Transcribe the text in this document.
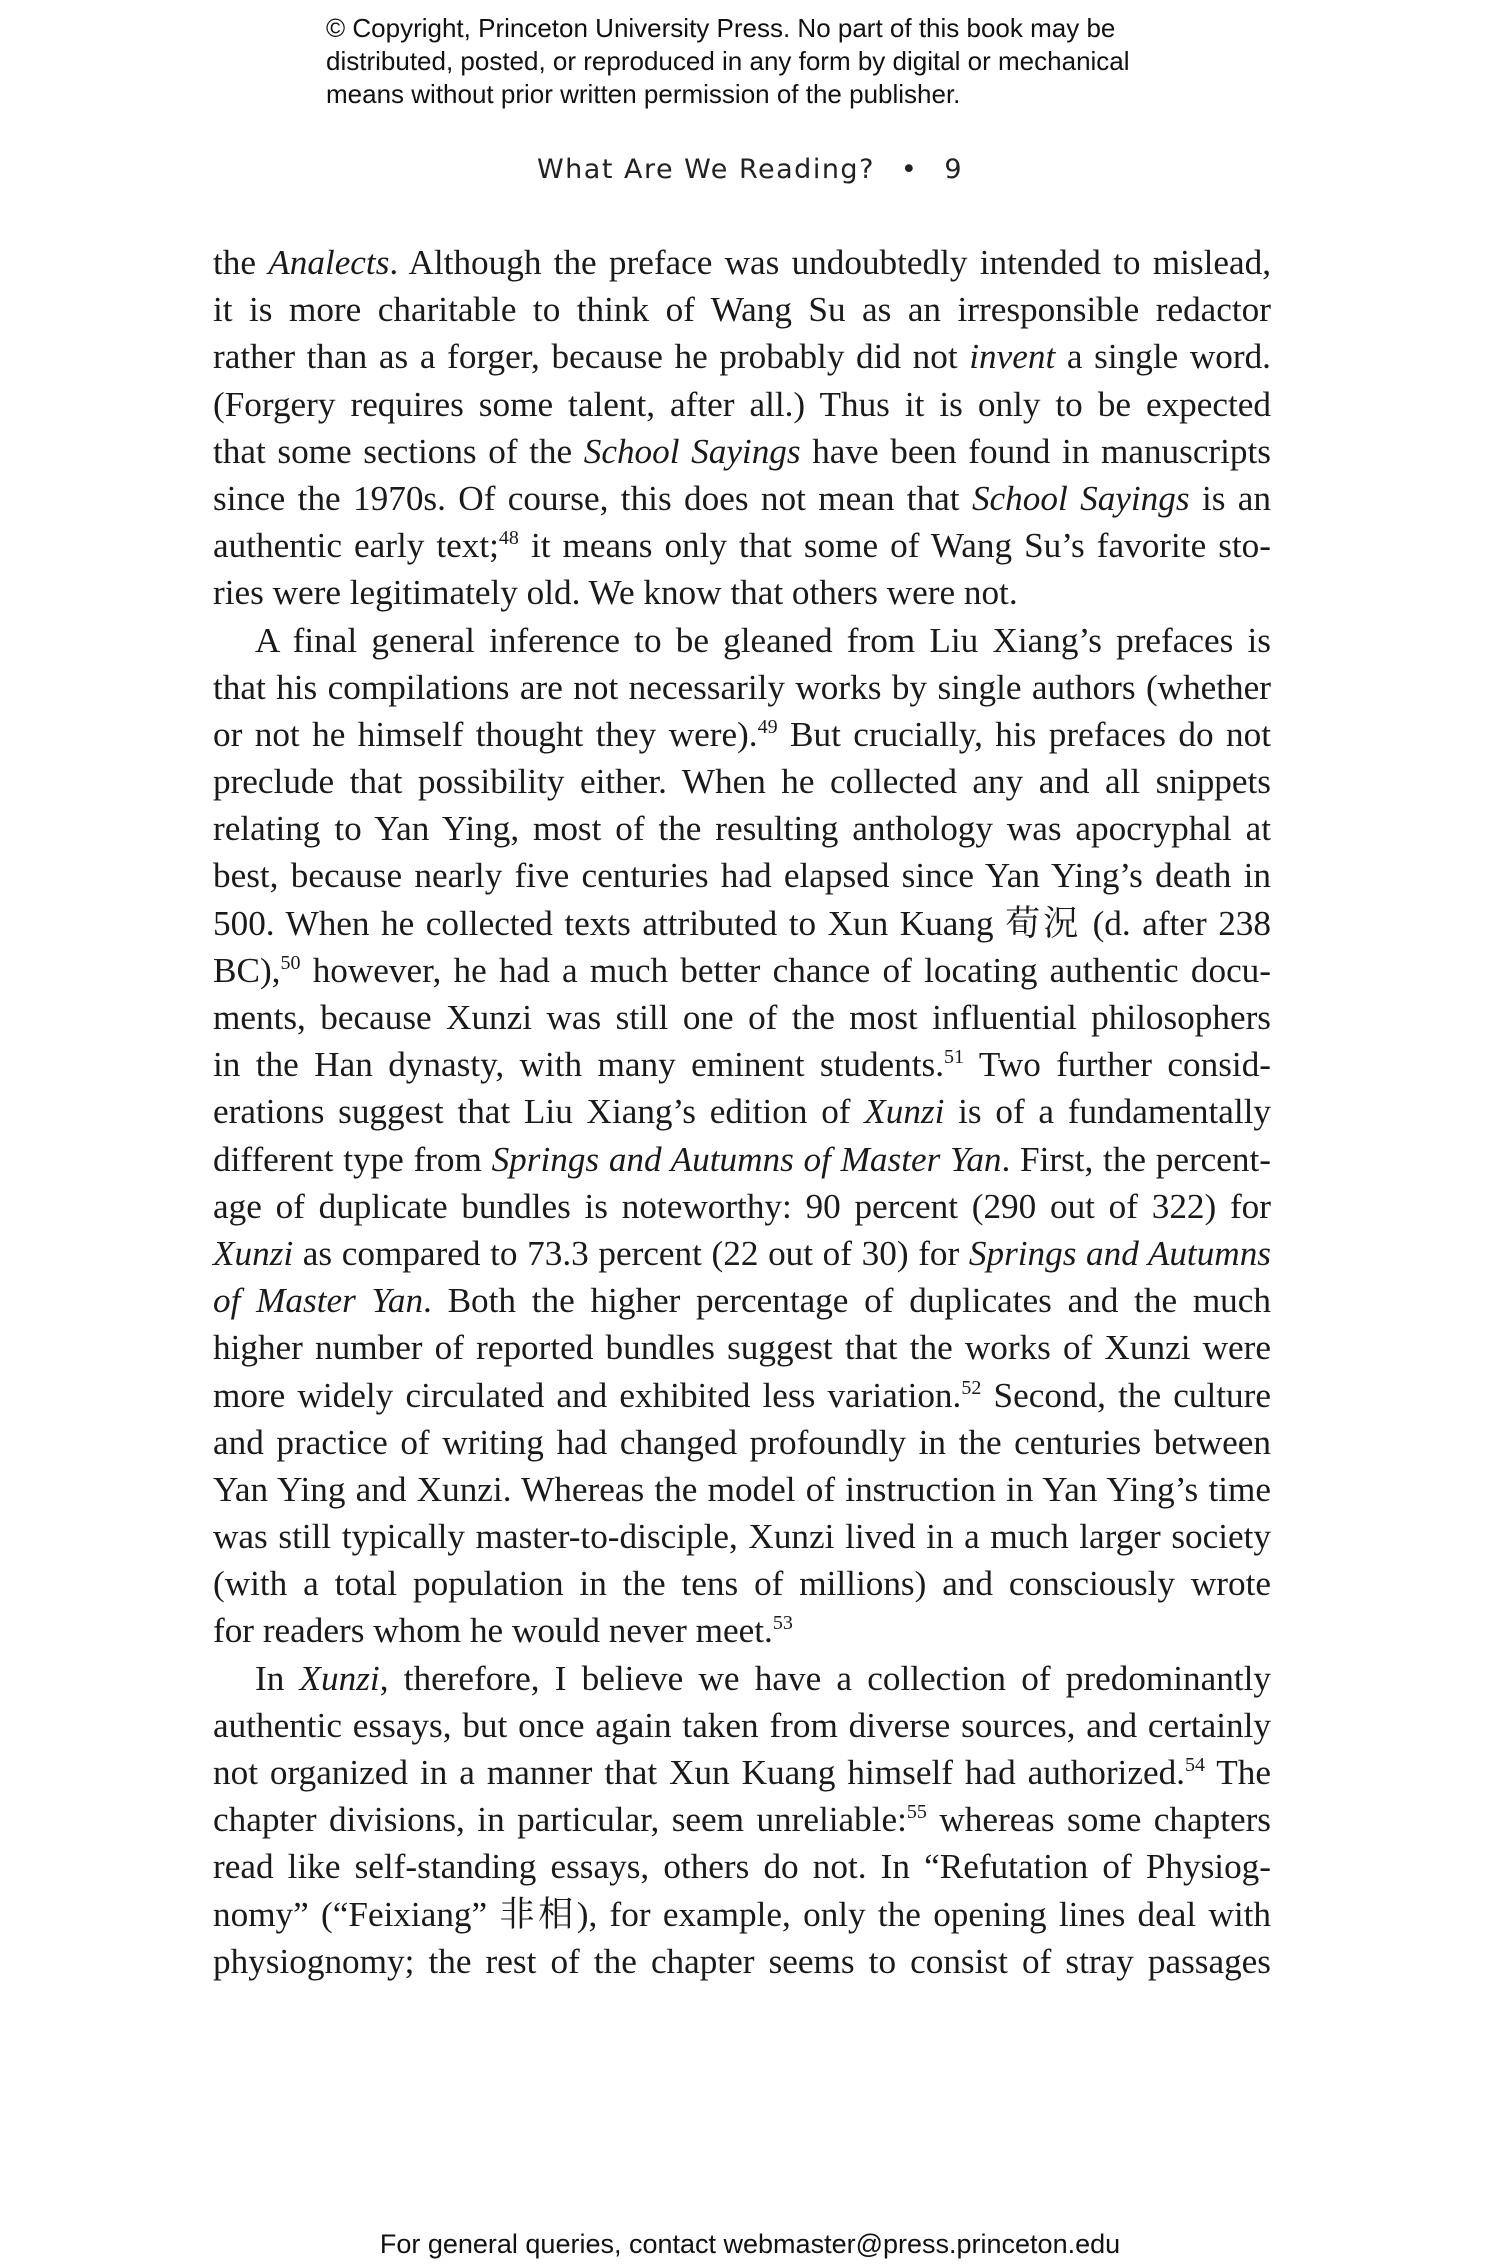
© Copyright, Princeton University Press. No part of this book may be
distributed, posted, or reproduced in any form by digital or mechanical
means without prior written permission of the publisher.
What Are We Reading? • 9
the Analects. Although the preface was undoubtedly intended to mislead,
it is more charitable to think of Wang Su as an irresponsible redactor
rather than as a forger, because he probably did not invent a single word.
(Forgery requires some talent, after all.) Thus it is only to be expected
that some sections of the School Sayings have been found in manuscripts
since the 1970s. Of course, this does not mean that School Sayings is an
authentic early text;$^{48}$ it means only that some of Wang Su’s favorite sto-
ries were legitimately old. We know that others were not.
A final general inference to be gleaned from Liu Xiang’s prefaces is
that his compilations are not necessarily works by single authors (whether
or not he himself thought they were).$^{49}$ But crucially, his prefaces do not
preclude that possibility either. When he collected any and all snippets
relating to Yan Ying, most of the resulting anthology was apocryphal at
best, because nearly five centuries had elapsed since Yan Ying’s death in
500. When he collected texts attributed to Xun Kuang 荀況 (d. after 238
BC),$^{50}$ however, he had a much better chance of locating authentic docu-
ments, because Xunzi was still one of the most influential philosophers
in the Han dynasty, with many eminent students.$^{51}$ Two further consid-
erations suggest that Liu Xiang’s edition of Xunzi is of a fundamentally
different type from Springs and Autumns of Master Yan. First, the percent-
age of duplicate bundles is noteworthy: 90 percent (290 out of 322) for
Xunzi as compared to 73.3 percent (22 out of 30) for Springs and Autumns
of Master Yan. Both the higher percentage of duplicates and the much
higher number of reported bundles suggest that the works of Xunzi were
more widely circulated and exhibited less variation.$^{52}$ Second, the culture
and practice of writing had changed profoundly in the centuries between
Yan Ying and Xunzi. Whereas the model of instruction in Yan Ying’s time
was still typically master-to-disciple, Xunzi lived in a much larger society
(with a total population in the tens of millions) and consciously wrote
for readers whom he would never meet.$^{53}$
In Xunzi, therefore, I believe we have a collection of predominantly
authentic essays, but once again taken from diverse sources, and certainly
not organized in a manner that Xun Kuang himself had authorized.$^{54}$ The
chapter divisions, in particular, seem unreliable:$^{55}$ whereas some chapters
read like self-standing essays, others do not. In “Refutation of Physiog-
nomy” (“Feixiang” 非相), for example, only the opening lines deal with
physiognomy; the rest of the chapter seems to consist of stray passages
For general queries, contact webmaster@press.princeton.edu
